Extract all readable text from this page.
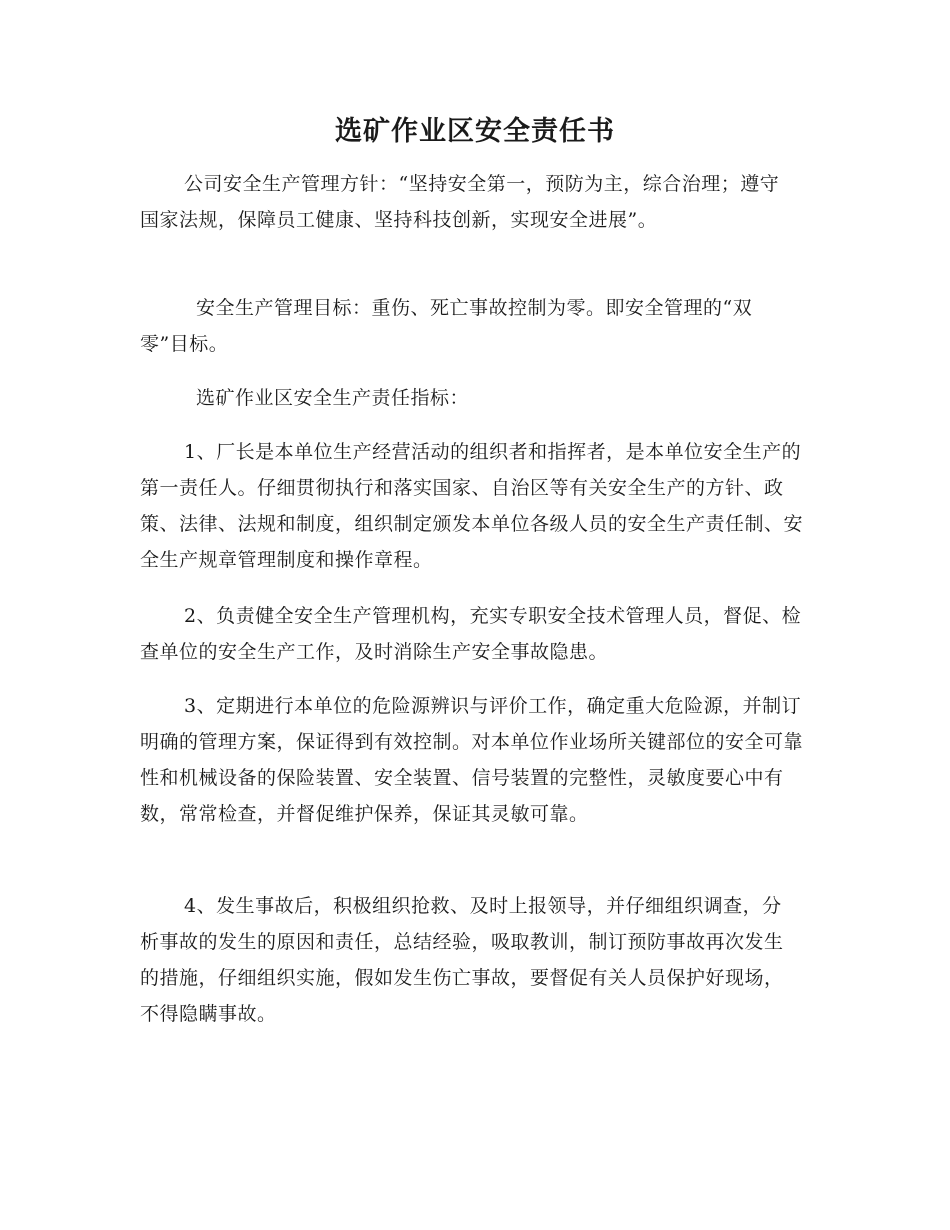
选矿作业区安全责任书

公司安全生产管理方针：“坚持安全第一，预防为主，综合治理；遵守国家法规，保障员工健康、坚持科技创新，实现安全进展”。

安全生产管理目标：重伤、死亡事故控制为零。即安全管理的“双零”目标。

选矿作业区安全生产责任指标：

1、厂长是本单位生产经营活动的组织者和指挥者，是本单位安全生产的第一责任人。仔细贯彻执行和落实国家、自治区等有关安全生产的方针、政策、法律、法规和制度，组织制定颁发本单位各级人员的安全生产责任制、安全生产规章管理制度和操作章程。

2、负责健全安全生产管理机构，充实专职安全技术管理人员，督促、检查单位的安全生产工作，及时消除生产安全事故隐患。

3、定期进行本单位的危险源辨识与评价工作，确定重大危险源，并制订明确的管理方案，保证得到有效控制。对本单位作业场所关键部位的安全可靠性和机械设备的保险装置、安全装置、信号装置的完整性，灵敏度要心中有数，常常检查，并督促维护保养，保证其灵敏可靠。

4、发生事故后，积极组织抢救、及时上报领导，并仔细组织调查，分析事故的发生的原因和责任，总结经验，吸取教训，制订预防事故再次发生的措施，仔细组织实施，假如发生伤亡事故，要督促有关人员保护好现场，不得隐瞒事故。
